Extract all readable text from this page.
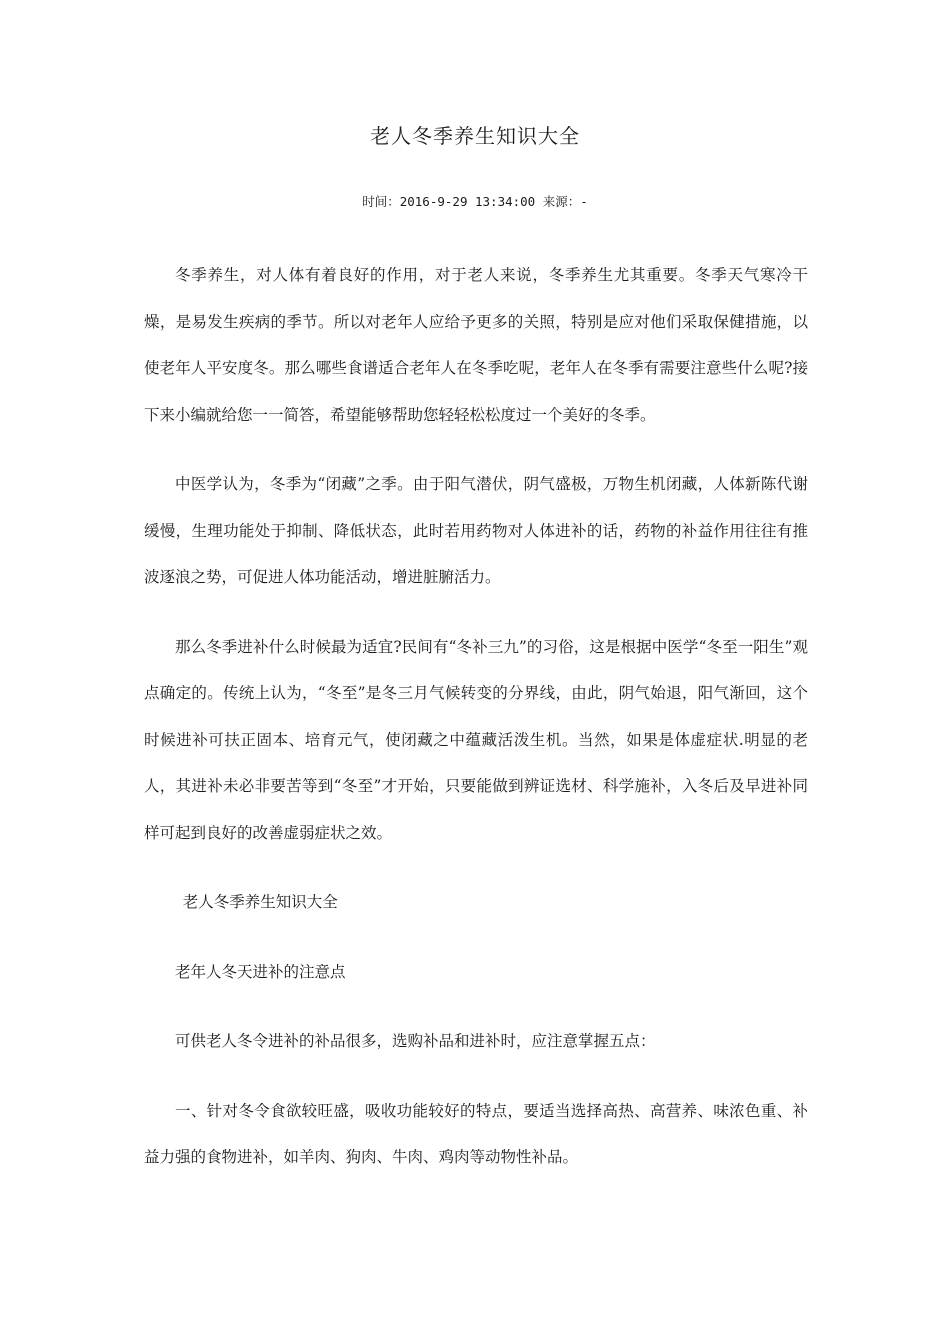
老人冬季养生知识大全
时间：2016-9-29 13:34:00 来源：-

冬季养生，对人体有着良好的作用，对于老人来说，冬季养生尤其重要。冬季天气寒冷干燥，是易发生疾病的季节。所以对老年人应给予更多的关照，特别是应对他们采取保健措施，以使老年人平安度冬。那么哪些食谱适合老年人在冬季吃呢，老年人在冬季有需要注意些什么呢?接下来小编就给您一一简答，希望能够帮助您轻轻松松度过一个美好的冬季。

中医学认为，冬季为“闭藏”之季。由于阳气潜伏，阴气盛极，万物生机闭藏，人体新陈代谢缓慢，生理功能处于抑制、降低状态，此时若用药物对人体进补的话，药物的补益作用往往有推波逐浪之势，可促进人体功能活动，增进脏腑活力。

那么冬季进补什么时候最为适宜?民间有“冬补三九”的习俗，这是根据中医学“冬至一阳生”观点确定的。传统上认为，“冬至”是冬三月气候转变的分界线，由此，阴气始退，阳气渐回，这个时候进补可扶正固本、培育元气，使闭藏之中蕴藏活泼生机。当然，如果是体虚症状.明显的老人，其进补未必非要苦等到“冬至”才开始，只要能做到辨证选材、科学施补，入冬后及早进补同样可起到良好的改善虚弱症状之效。

老人冬季养生知识大全

老年人冬天进补的注意点

可供老人冬令进补的补品很多，选购补品和进补时，应注意掌握五点：

一、针对冬令食欲较旺盛，吸收功能较好的特点，要适当选择高热、高营养、味浓色重、补益力强的食物进补，如羊肉、狗肉、牛肉、鸡肉等动物性补品。
